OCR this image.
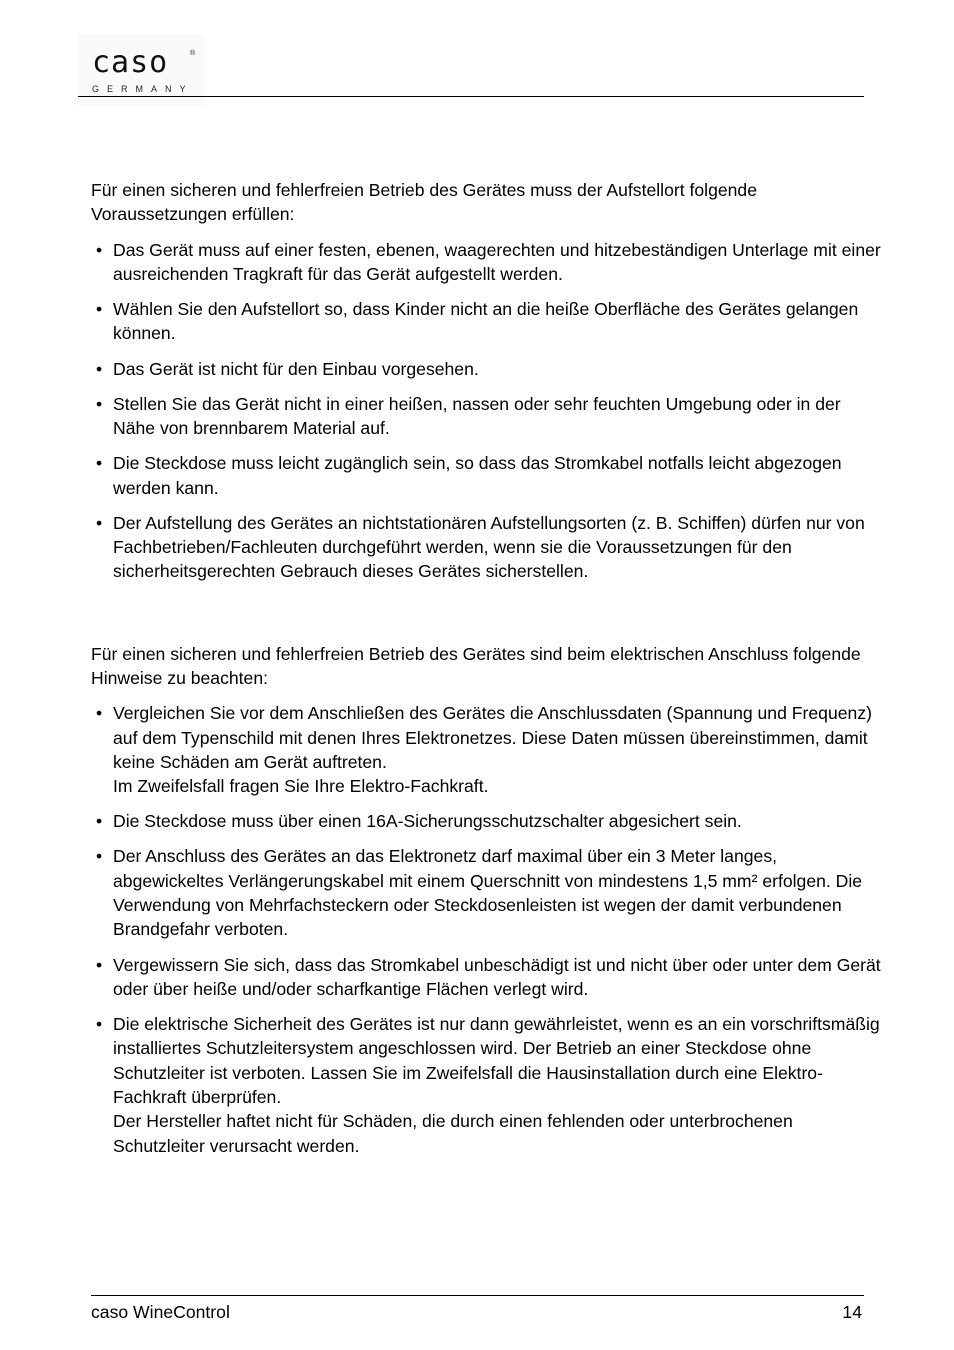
caso	®
GERMANY

Für einen sicheren und fehlerfreien Betrieb des Gerätes muss der Aufstellort folgende Voraussetzungen erfüllen:

• Das Gerät muss auf einer festen, ebenen, waagerechten und hitzebeständigen Unterlage mit einer ausreichenden Tragkraft für das Gerät aufgestellt werden.
• Wählen Sie den Aufstellort so, dass Kinder nicht an die heiße Oberfläche des Gerätes gelangen können.
• Das Gerät ist nicht für den Einbau vorgesehen.
• Stellen Sie das Gerät nicht in einer heißen, nassen oder sehr feuchten Umgebung oder in der Nähe von brennbarem Material auf.
• Die Steckdose muss leicht zugänglich sein, so dass das Stromkabel notfalls leicht abgezogen werden kann.
• Der Aufstellung des Gerätes an nichtstationären Aufstellungsorten (z. B. Schiffen) dürfen nur von Fachbetrieben/Fachleuten durchgeführt werden, wenn sie die Voraussetzungen für den sicherheitsgerechten Gebrauch dieses Gerätes sicherstellen.

Für einen sicheren und fehlerfreien Betrieb des Gerätes sind beim elektrischen Anschluss folgende Hinweise zu beachten:

• Vergleichen Sie vor dem Anschließen des Gerätes die Anschlussdaten (Spannung und Frequenz) auf dem Typenschild mit denen Ihres Elektronetzes. Diese Daten müssen übereinstimmen, damit keine Schäden am Gerät auftreten.
Im Zweifelsfall fragen Sie Ihre Elektro-Fachkraft.
• Die Steckdose muss über einen 16A-Sicherungsschutzschalter abgesichert sein.
• Der Anschluss des Gerätes an das Elektronetz darf maximal über ein 3 Meter langes, abgewickeltes Verlängerungskabel mit einem Querschnitt von mindestens 1,5 mm² erfolgen. Die Verwendung von Mehrfachsteckern oder Steckdosenleisten ist wegen der damit verbundenen Brandgefahr verboten.
• Vergewissern Sie sich, dass das Stromkabel unbeschädigt ist und nicht über oder unter dem Gerät oder über heiße und/oder scharfkantige Flächen verlegt wird.
• Die elektrische Sicherheit des Gerätes ist nur dann gewährleistet, wenn es an ein vorschriftsmäßig installiertes Schutzleitersystem angeschlossen wird. Der Betrieb an einer Steckdose ohne Schutzleiter ist verboten. Lassen Sie im Zweifelsfall die Hausinstallation durch eine Elektro-Fachkraft überprüfen.
Der Hersteller haftet nicht für Schäden, die durch einen fehlenden oder unterbrochenen Schutzleiter verursacht werden.
caso WineControl	14
